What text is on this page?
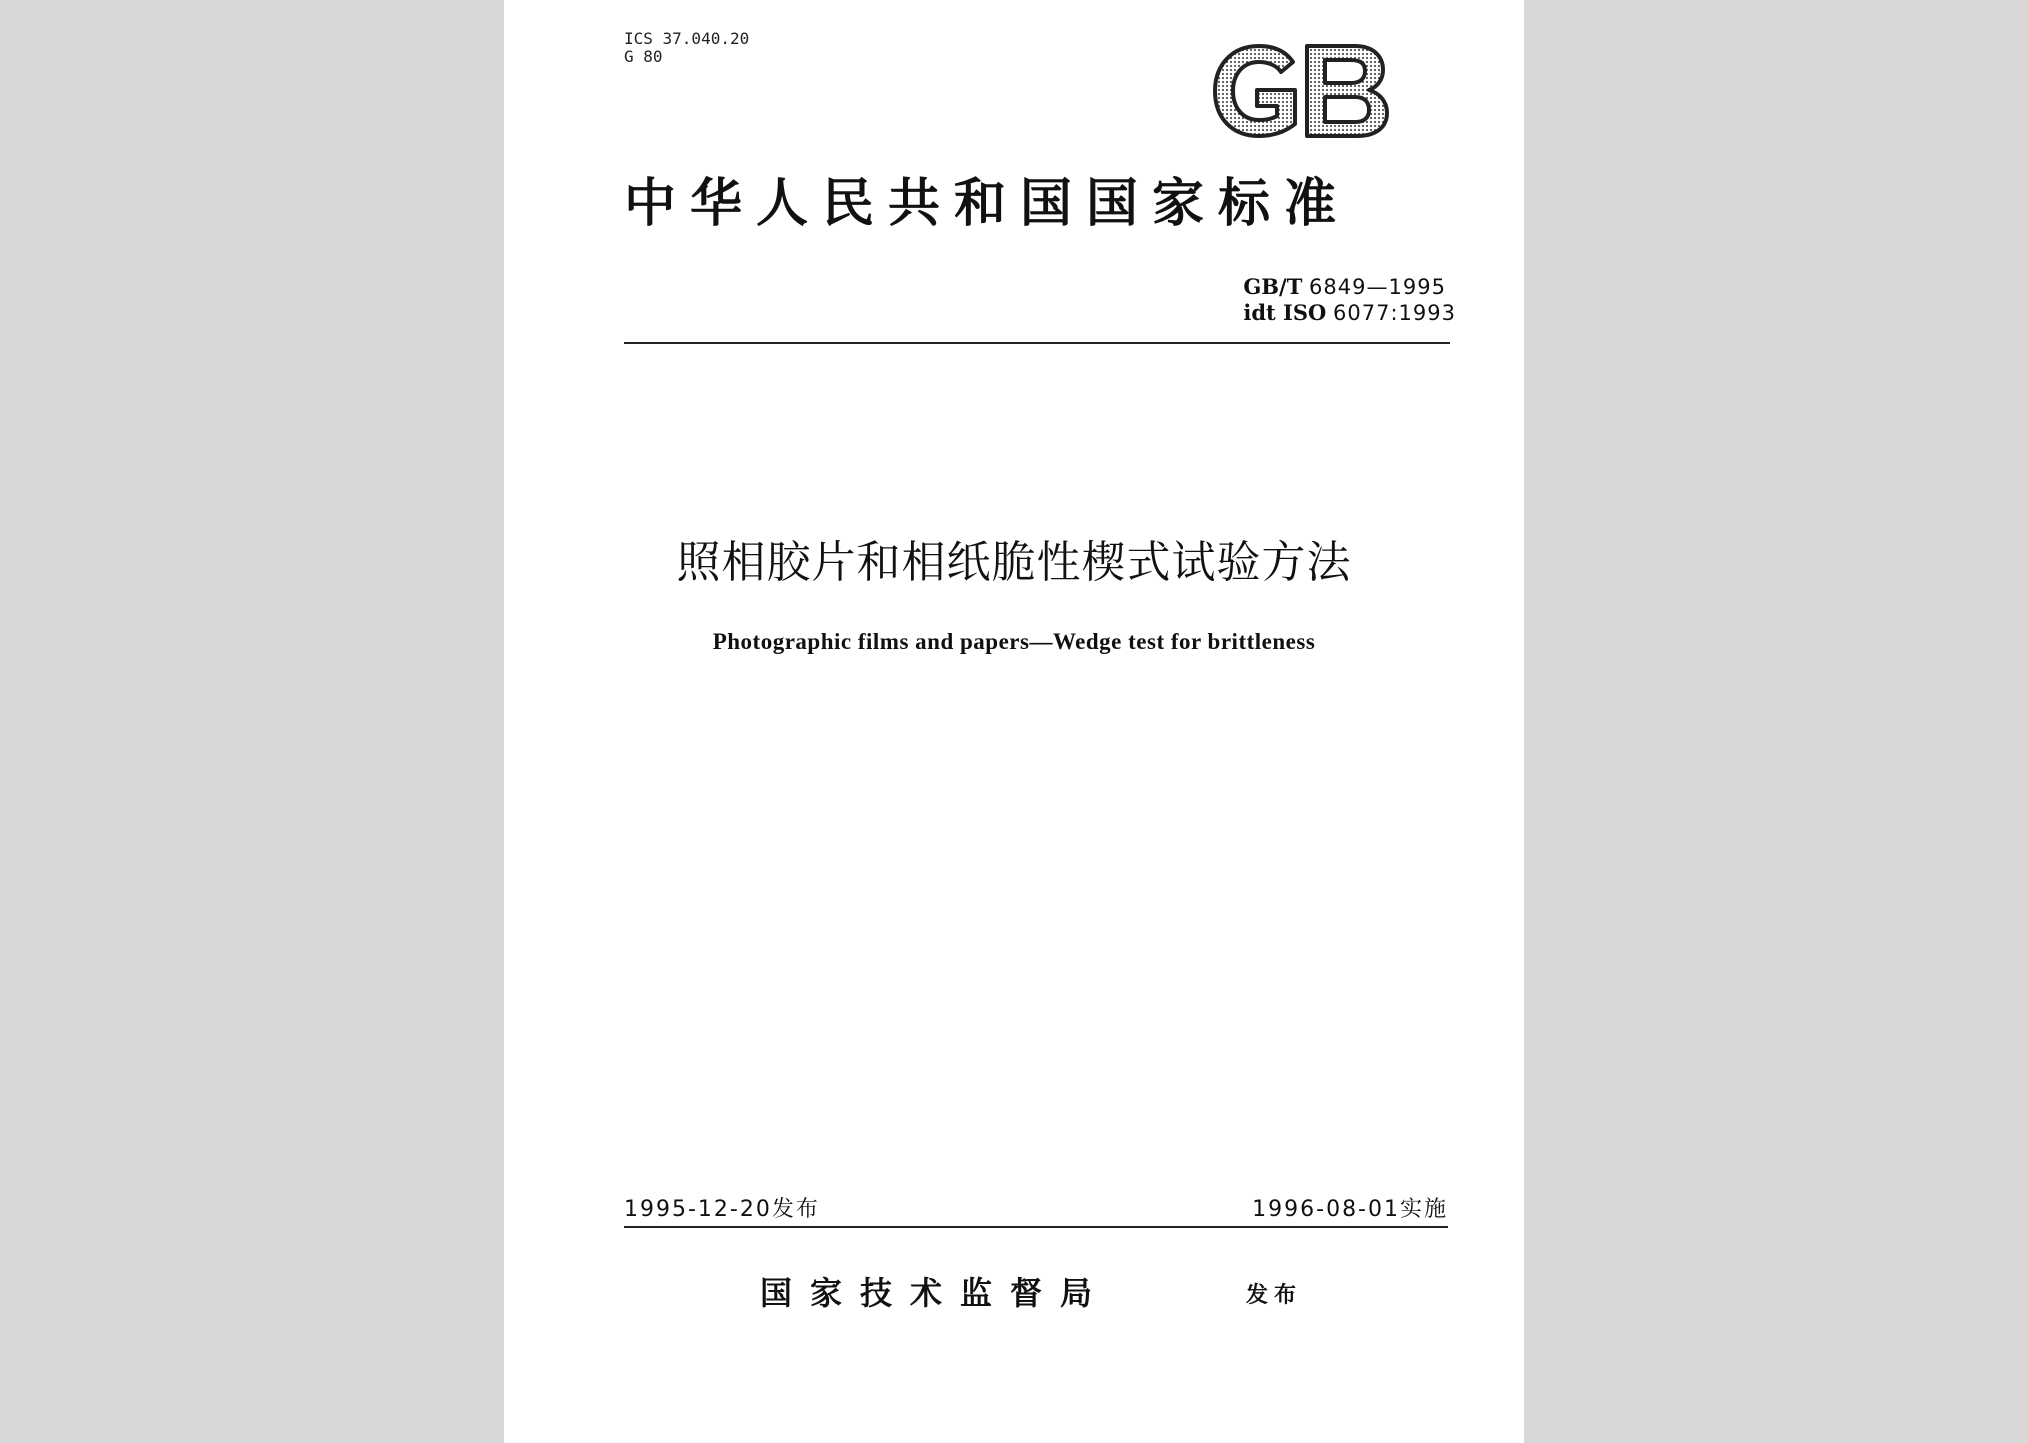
ICS 37.040.20
G 80
中华人民共和国国家标准
GB/T 6849—1995
idt ISO 6077:1993
照相胶片和相纸脆性楔式试验方法
Photographic films and papers—Wedge test for brittleness
1995-12-20发布	1996-08-01实施
国家技术监督局	发布
